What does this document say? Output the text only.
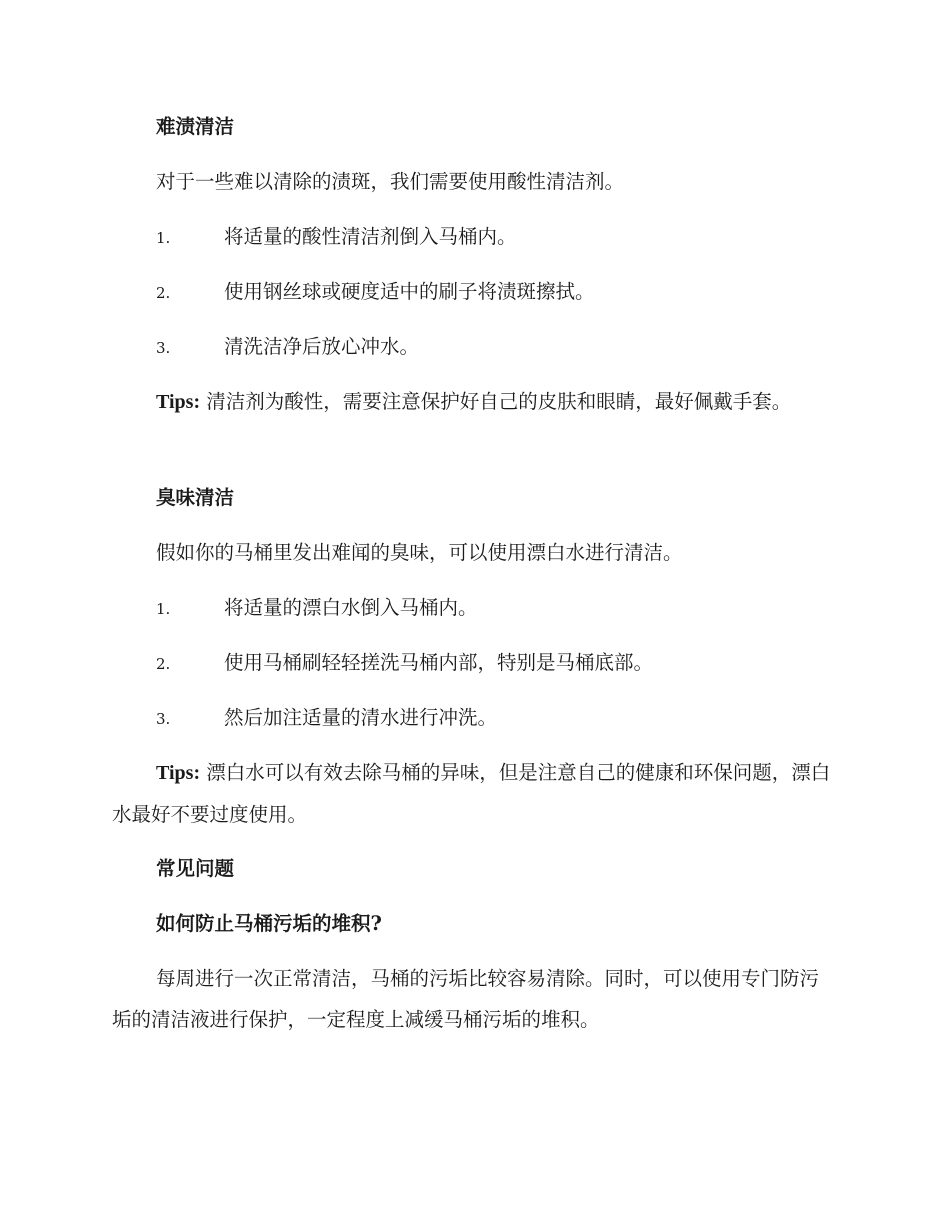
难渍清洁

对于一些难以清除的渍斑，我们需要使用酸性清洁剂。

1.	将适量的酸性清洁剂倒入马桶内。

2.	使用钢丝球或硬度适中的刷子将渍斑擦拭。

3.	清洗洁净后放心冲水。

Tips: 清洁剂为酸性，需要注意保护好自己的皮肤和眼睛，最好佩戴手套。

臭味清洁

假如你的马桶里发出难闻的臭味，可以使用漂白水进行清洁。

1.	将适量的漂白水倒入马桶内。

2.	使用马桶刷轻轻搓洗马桶内部，特别是马桶底部。

3.	然后加注适量的清水进行冲洗。

Tips: 漂白水可以有效去除马桶的异味，但是注意自己的健康和环保问题，漂白水最好不要过度使用。

常见问题

如何防止马桶污垢的堆积?

每周进行一次正常清洁，马桶的污垢比较容易清除。同时，可以使用专门防污垢的清洁液进行保护，一定程度上减缓马桶污垢的堆积。
